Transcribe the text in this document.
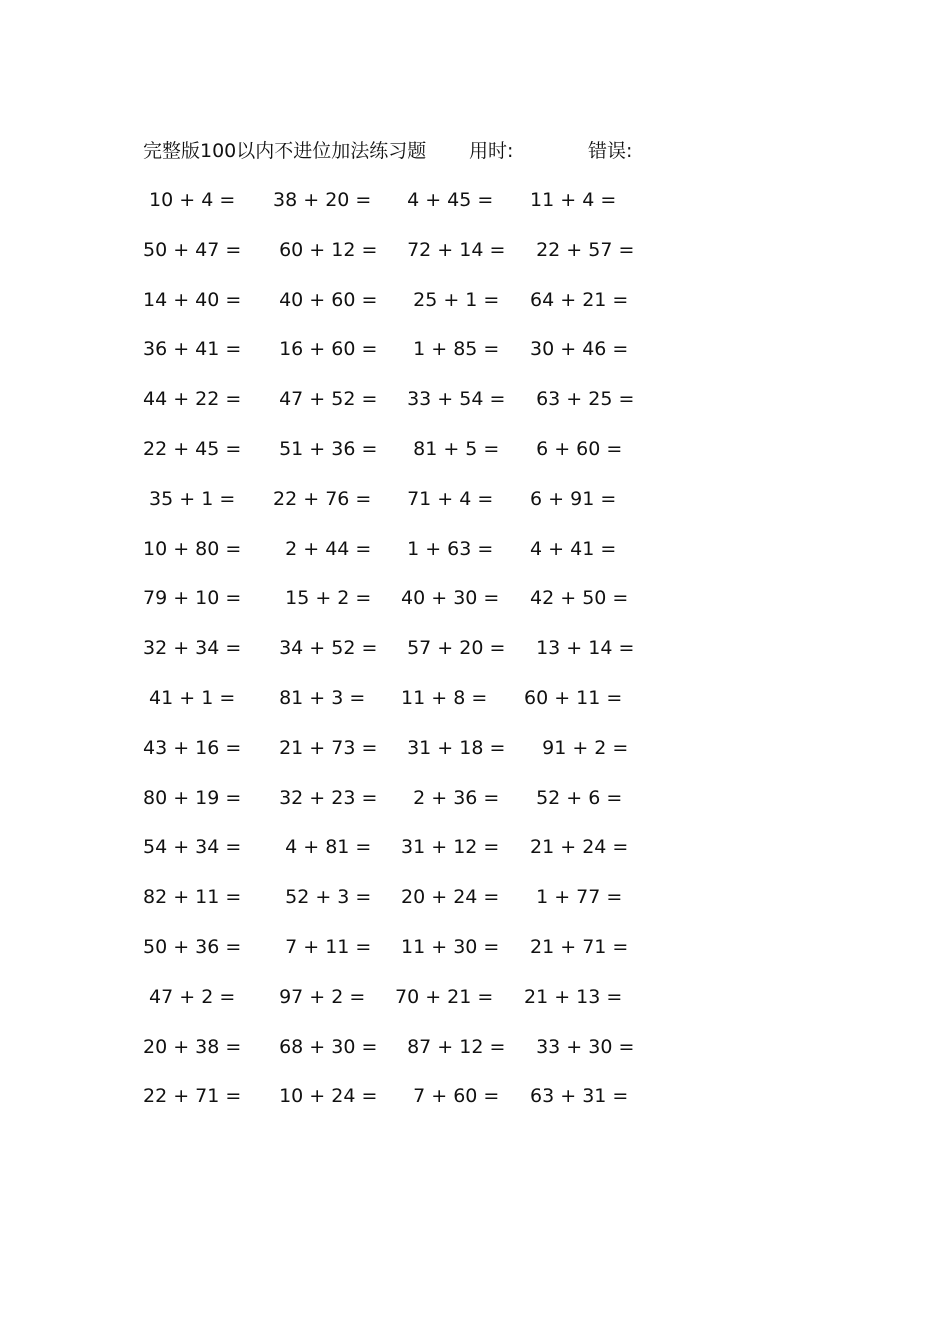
完整版100以内不进位加法练习题 用时:	错误:
10 + 4 = 38 + 20 = 4 + 45 = 11 + 4 =
50 + 47 = 60 + 12 = 72 + 14 = 22 + 57 =
14 + 40 = 40 + 60 = 25 + 1 = 64 + 21 =
36 + 41 = 16 + 60 = 1 + 85 = 30 + 46 =
44 + 22 = 47 + 52 = 33 + 54 = 63 + 25 =
22 + 45 = 51 + 36 = 81 + 5 = 6 + 60 =
35 + 1 = 22 + 76 = 71 + 4 = 6 + 91 =
10 + 80 = 2 + 44 = 1 + 63 = 4 + 41 =
79 + 10 = 15 + 2 = 40 + 30 = 42 + 50 =
32 + 34 = 34 + 52 = 57 + 20 = 13 + 14 =
41 + 1 = 81 + 3 = 11 + 8 = 60 + 11 =
43 + 16 = 21 + 73 = 31 + 18 = 91 + 2 =
80 + 19 = 32 + 23 = 2 + 36 = 52 + 6 =
54 + 34 = 4 + 81 = 31 + 12 = 21 + 24 =
82 + 11 = 52 + 3 = 20 + 24 = 1 + 77 =
50 + 36 = 7 + 11 = 11 + 30 = 21 + 71 =
47 + 2 = 97 + 2 = 70 + 21 = 21 + 13 =
20 + 38 = 68 + 30 = 87 + 12 = 33 + 30 =
22 + 71 = 10 + 24 = 7 + 60 = 63 + 31 =
